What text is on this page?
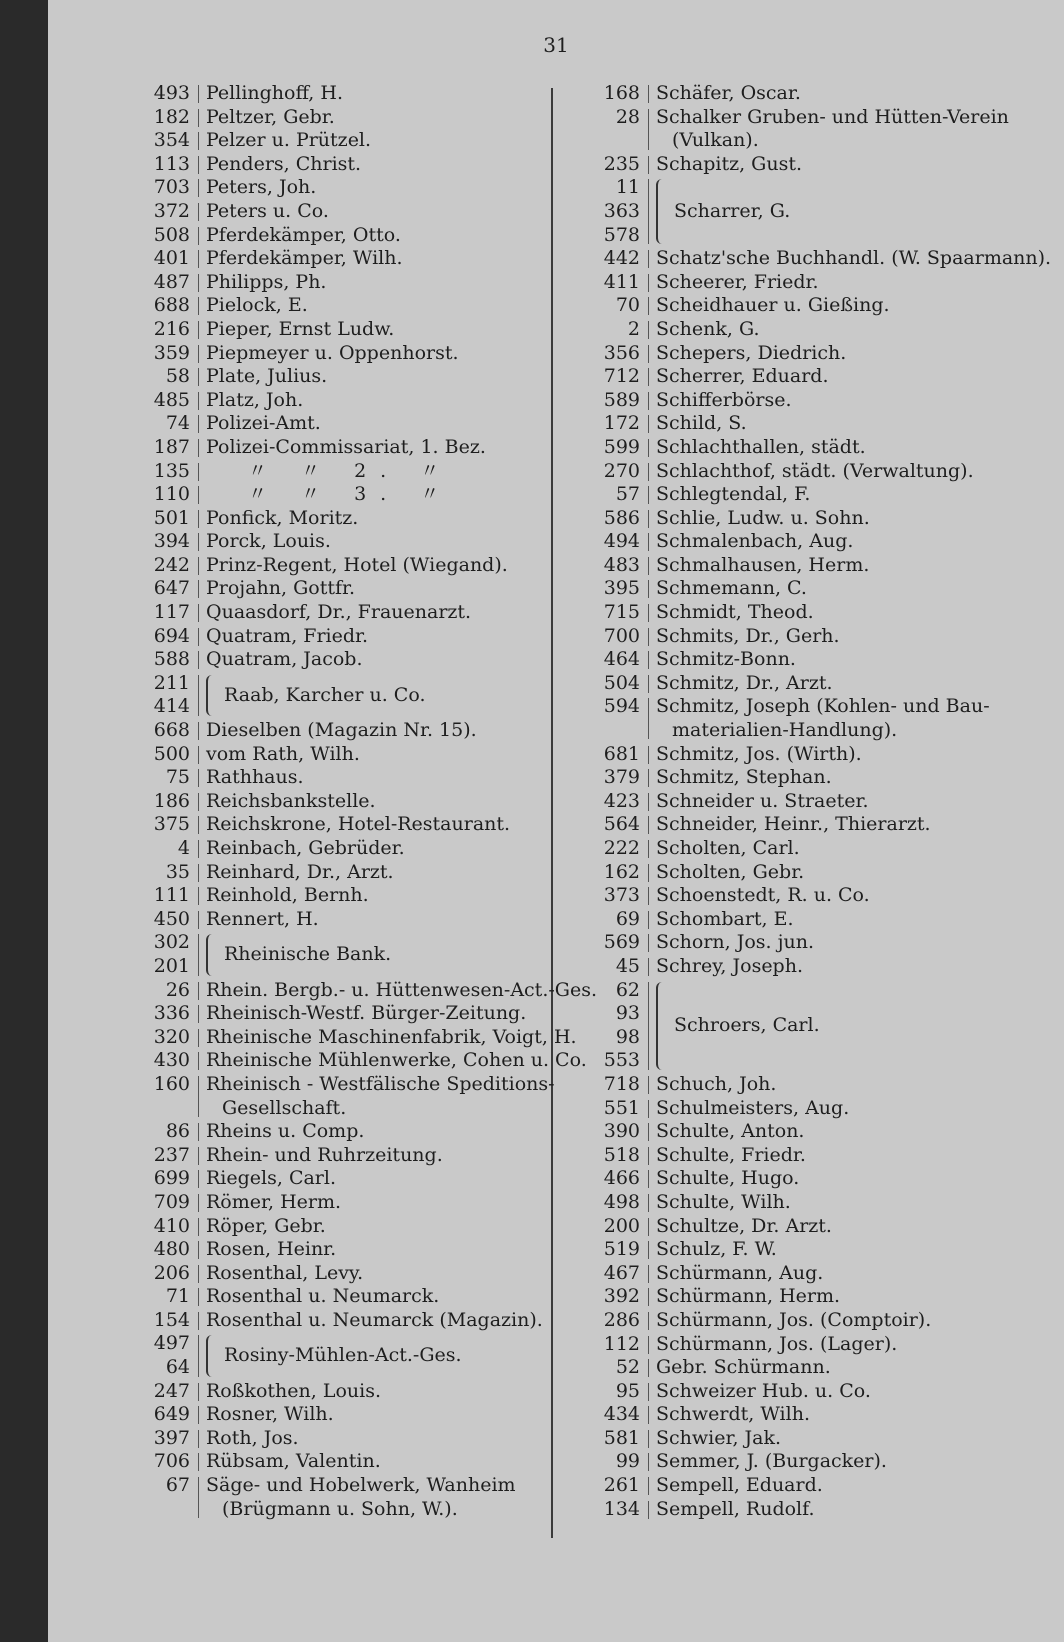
31
493 Pellinghoff, H.
182 Peltzer, Gebr.
354 Pelzer u. Prützel.
113 Penders, Christ.
703 Peters, Joh.
372 Peters u. Co.
508 Pferdekämper, Otto.
401 Pferdekämper, Wilh.
487 Philipps, Ph.
688 Pielock, E.
216 Pieper, Ernst Ludw.
359 Piepmeyer u. Oppenhorst.
58 Plate, Julius.
485 Platz, Joh.
74 Polizei-Amt.
187 Polizei-Commissariat, 1. Bez.
135	〃 〃 2. 〃
110	〃 〃 3. 〃
501 Ponfick, Moritz.
394 Porck, Louis.
242 Prinz-Regent, Hotel (Wiegand).
647 Projahn, Gottfr.
117 Quaasdorf, Dr., Frauenarzt.
694 Quatram, Friedr.
588 Quatram, Jacob.
211
414
Raab, Karcher u. Co.
668 Dieselben (Magazin Nr. 15).
500 vom Rath, Wilh.
75 Rathhaus.
186 Reichsbankstelle.
375 Reichskrone, Hotel-Restaurant.
4 Reinbach, Gebrüder.
35 Reinhard, Dr., Arzt.
111 Reinhold, Bernh.
450 Rennert, H.
302
201
Rheinische Bank.
26 Rhein. Bergb.- u. Hüttenwesen-Act.-Ges.
336 Rheinisch-Westf. Bürger-Zeitung.
320 Rheinische Maschinenfabrik, Voigt, H.
430 Rheinische Mühlenwerke, Cohen u. Co.
160 Rheinisch - Westfälische Speditions-
Gesellschaft.
86 Rheins u. Comp.
237 Rhein- und Ruhrzeitung.
699 Riegels, Carl.
709 Römer, Herm.
410 Röper, Gebr.
480 Rosen, Heinr.
206 Rosenthal, Levy.
71 Rosenthal u. Neumarck.
154 Rosenthal u. Neumarck (Magazin).
497
64
Rosiny-Mühlen-Act.-Ges.
247 Roßkothen, Louis.
649 Rosner, Wilh.
397 Roth, Jos.
706 Rübsam, Valentin.
67 Säge- und Hobelwerk, Wanheim
(Brügmann u. Sohn, W.).
168 Schäfer, Oscar.
28 Schalker Gruben- und Hütten-Verein
(Vulkan).
235 Schapitz, Gust.
11
363
578
Scharrer, G.
442 Schatz'sche Buchhandl. (W. Spaarmann).
411 Scheerer, Friedr.
70 Scheidhauer u. Gießing.
2 Schenk, G.
356 Schepers, Diedrich.
712 Scherrer, Eduard.
589 Schifferbörse.
172 Schild, S.
599 Schlachthallen, städt.
270 Schlachthof, städt. (Verwaltung).
57 Schlegtendal, F.
586 Schlie, Ludw. u. Sohn.
494 Schmalenbach, Aug.
483 Schmalhausen, Herm.
395 Schmemann, C.
715 Schmidt, Theod.
700 Schmits, Dr., Gerh.
464 Schmitz-Bonn.
504 Schmitz, Dr., Arzt.
594 Schmitz, Joseph (Kohlen- und Bau-
materialien-Handlung).
681 Schmitz, Jos. (Wirth).
379 Schmitz, Stephan.
423 Schneider u. Straeter.
564 Schneider, Heinr., Thierarzt.
222 Scholten, Carl.
162 Scholten, Gebr.
373 Schoenstedt, R. u. Co.
69 Schombart, E.
569 Schorn, Jos. jun.
45 Schrey, Joseph.
62
93
98
553
Schroers, Carl.
718 Schuch, Joh.
551 Schulmeisters, Aug.
390 Schulte, Anton.
518 Schulte, Friedr.
466 Schulte, Hugo.
498 Schulte, Wilh.
200 Schultze, Dr. Arzt.
519 Schulz, F. W.
467 Schürmann, Aug.
392 Schürmann, Herm.
286 Schürmann, Jos. (Comptoir).
112 Schürmann, Jos. (Lager).
52 Gebr. Schürmann.
95 Schweizer Hub. u. Co.
434 Schwerdt, Wilh.
581 Schwier, Jak.
99 Semmer, J. (Burgacker).
261 Sempell, Eduard.
134 Sempell, Rudolf.
